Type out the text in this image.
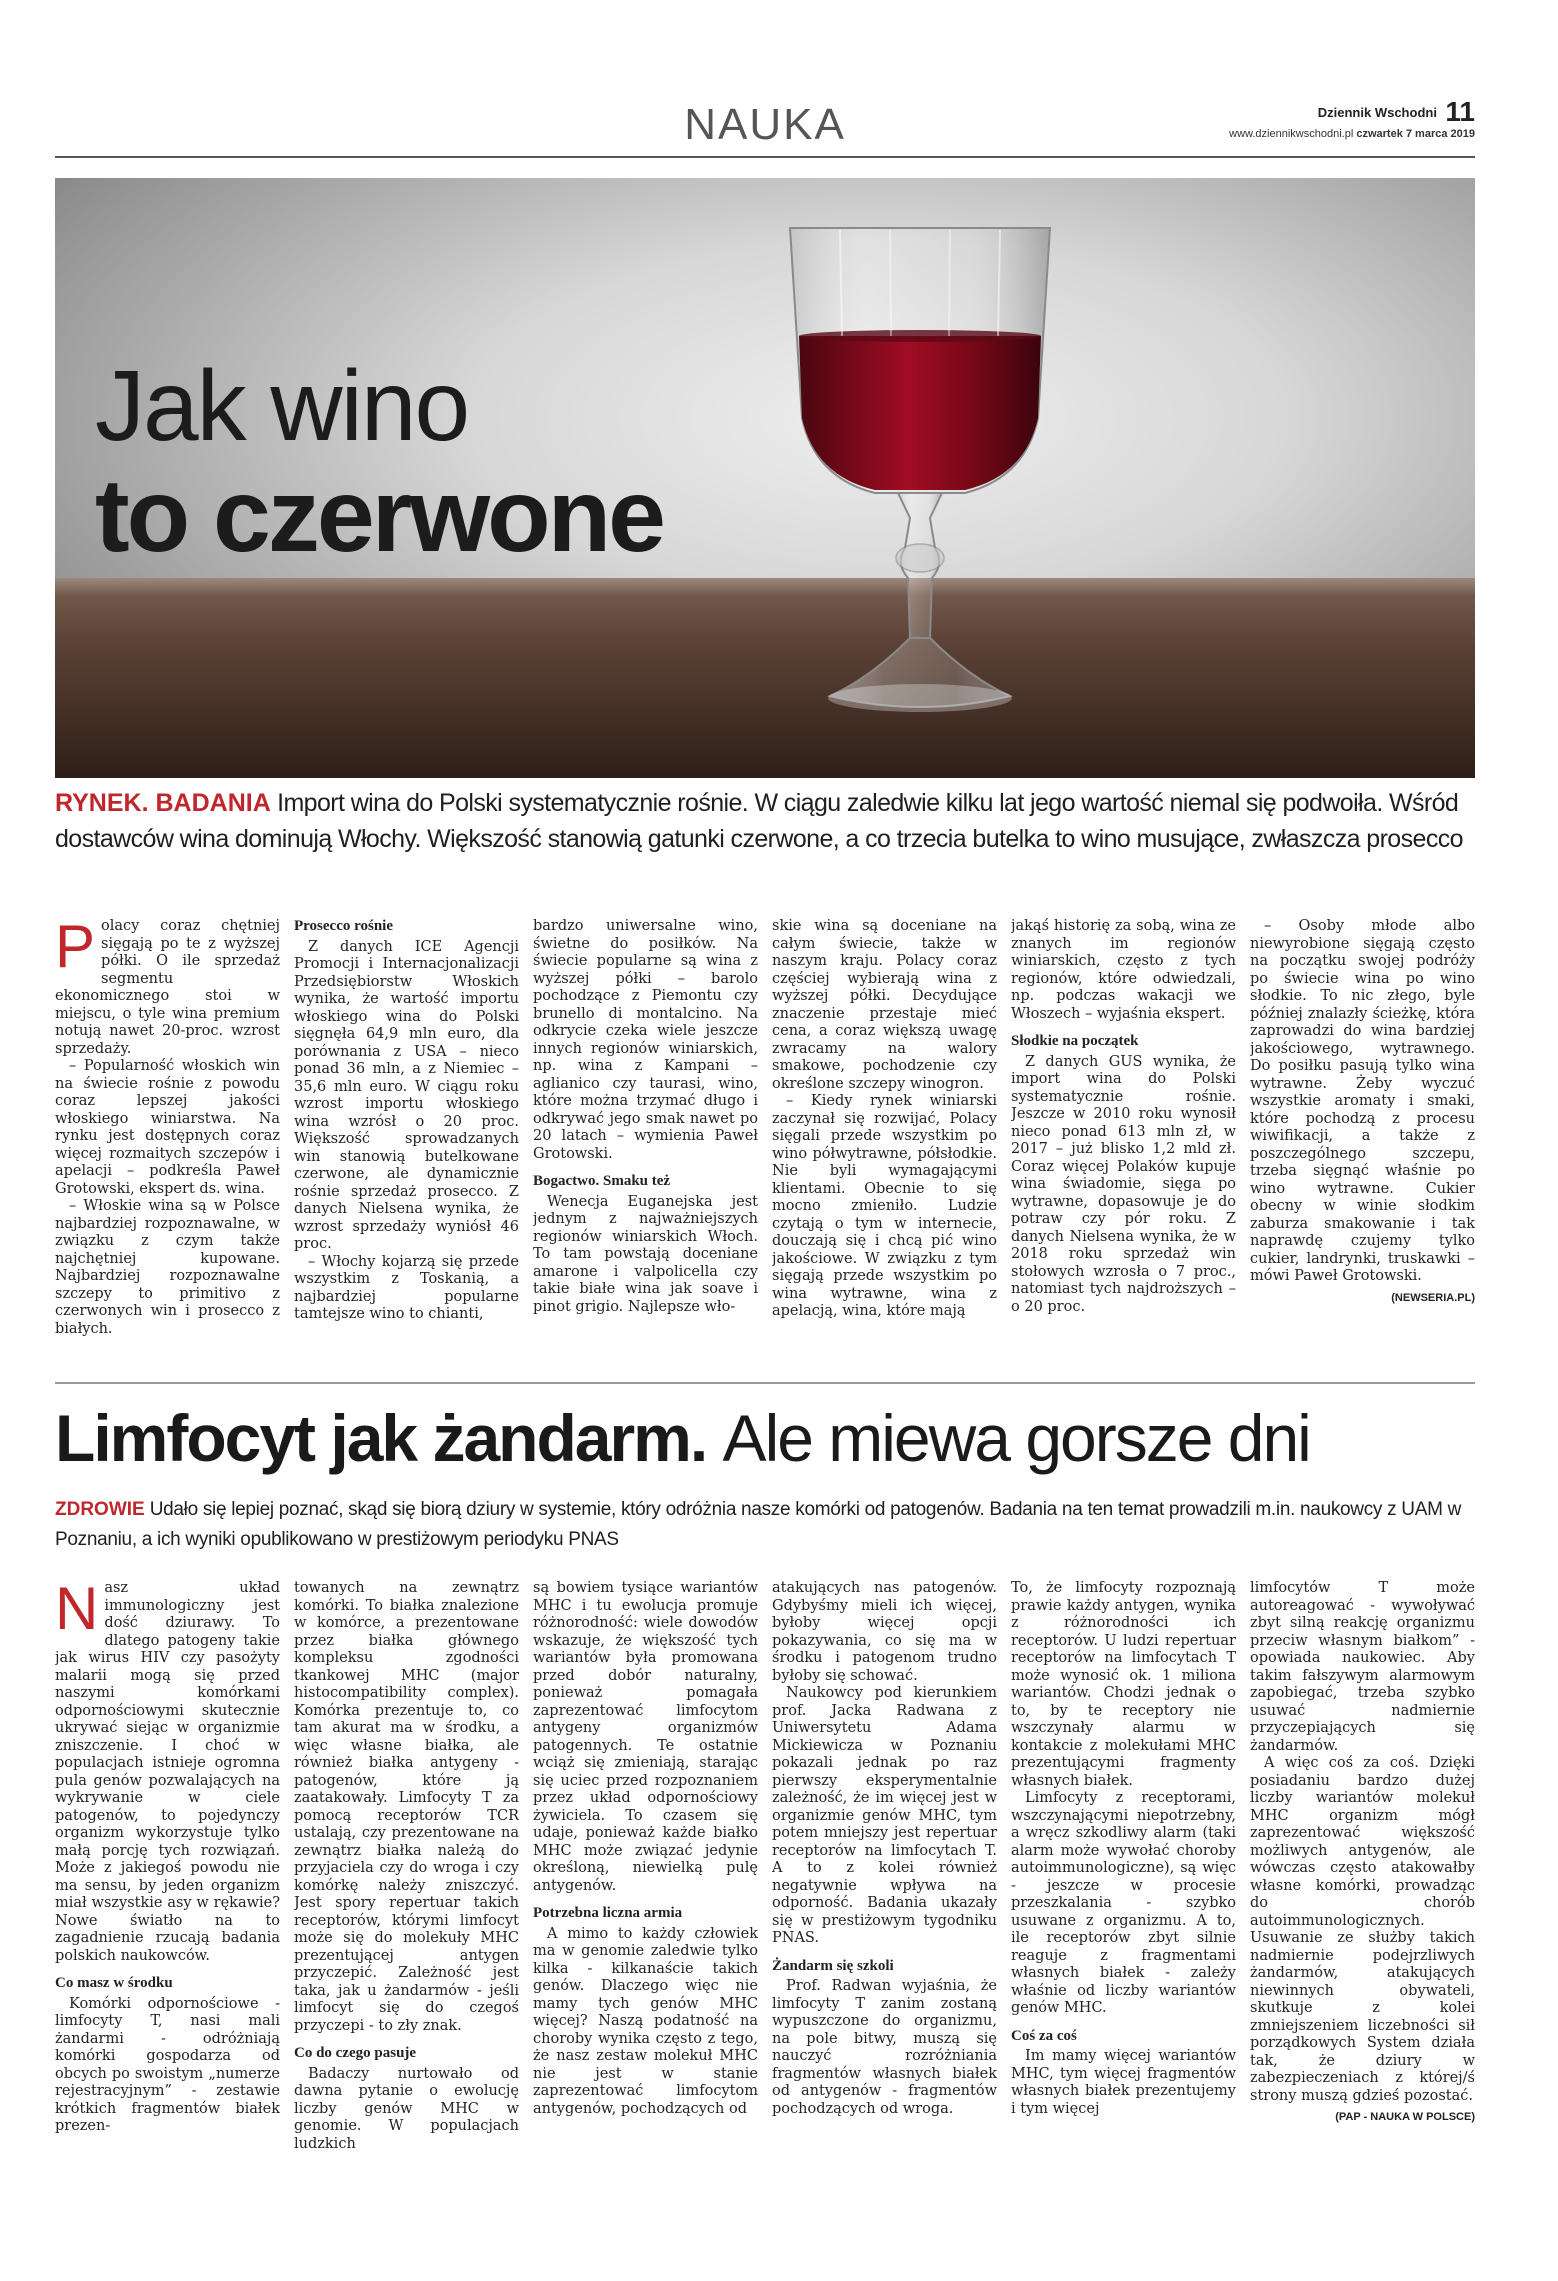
NAUKA	Dziennik Wschodni 11
www.dziennikwschodni.pl czwartek 7 marca 2019
Jak wino
to czerwone
RYNEK. BADANIA Import wina do Polski systematycznie rośnie. W ciągu zaledwie kilku lat jego wartość niemal się podwoiła. Wśród dostawców wina dominują Włochy. Większość stanowią gatunki czerwone, a co trzecia butelka to wino musujące, zwłaszcza prosecco

Polacy coraz chętniej sięgają po te z wyższej półki. O ile sprzedaż segmentu ekonomicznego stoi w miejscu, o tyle wina premium notują nawet 20-proc. wzrost sprzedaży.

– Popularność włoskich win na świecie rośnie z powodu coraz lepszej jakości włoskiego winiarstwa. Na rynku jest dostępnych coraz więcej rozmaitych szczepów i apelacji – podkreśla Paweł Grotowski, ekspert ds. wina.

– Włoskie wina są w Polsce najbardziej rozpoznawalne, w związku z czym także najchętniej kupowane. Najbardziej rozpoznawalne szczepy to primitivo z czerwonych win i prosecco z białych.

Prosecco rośnie

Z danych ICE Agencji Promocji i Internacjonalizacji Przedsiębiorstw Włoskich wynika, że wartość importu włoskiego wina do Polski sięgnęła 64,9 mln euro, dla porównania z USA – nieco ponad 36 mln, a z Niemiec – 35,6 mln euro. W ciągu roku wzrost importu włoskiego wina wzrósł o 20 proc. Większość sprowadzanych win stanowią butelkowane czerwone, ale dynamicznie rośnie sprzedaż prosecco. Z danych Nielsena wynika, że wzrost sprzedaży wyniósł 46 proc.

– Włochy kojarzą się przede wszystkim z Toskanią, a najbardziej popularne tamtejsze wino to chianti,

bardzo uniwersalne wino, świetne do posiłków. Na świecie popularne są wina z wyższej półki – barolo pochodzące z Piemontu czy brunello di montalcino. Na odkrycie czeka wiele jeszcze innych regionów winiarskich, np. wina z Kampani – aglianico czy taurasi, wino, które można trzymać długo i odkrywać jego smak nawet po 20 latach – wymienia Paweł Grotowski.

Bogactwo. Smaku też

Wenecja Euganejska jest jednym z najważniejszych regionów winiarskich Włoch. To tam powstają doceniane amarone i valpolicella czy takie białe wina jak soave i pinot grigio. Najlepsze wło-

skie wina są doceniane na całym świecie, także w naszym kraju. Polacy coraz częściej wybierają wina z wyższej półki. Decydujące znaczenie przestaje mieć cena, a coraz większą uwagę zwracamy na walory smakowe, pochodzenie czy określone szczepy winogron.

– Kiedy rynek winiarski zaczynał się rozwijać, Polacy sięgali przede wszystkim po wino półwytrawne, półsłodkie. Nie byli wymagającymi klientami. Obecnie to się mocno zmieniło. Ludzie czytają o tym w internecie, douczają się i chcą pić wino jakościowe. W związku z tym sięgają przede wszystkim po wina wytrawne, wina z apelacją, wina, które mają

jakąś historię za sobą, wina ze znanych im regionów winiarskich, często z tych regionów, które odwiedzali, np. podczas wakacji we Włoszech – wyjaśnia ekspert.

Słodkie na początek

Z danych GUS wynika, że import wina do Polski systematycznie rośnie. Jeszcze w 2010 roku wynosił nieco ponad 613 mln zł, w 2017 – już blisko 1,2 mld zł. Coraz więcej Polaków kupuje wina świadomie, sięga po wytrawne, dopasowuje je do potraw czy pór roku. Z danych Nielsena wynika, że w 2018 roku sprzedaż win stołowych wzrosła o 7 proc., natomiast tych najdroższych – o 20 proc.

– Osoby młode albo niewyrobione sięgają często na początku swojej podróży po świecie wina po wino słodkie. To nic złego, byle później znalazły ścieżkę, która zaprowadzi do wina bardziej jakościowego, wytrawnego. Do posiłku pasują tylko wina wytrawne. Żeby wyczuć wszystkie aromaty i smaki, które pochodzą z procesu wiwifikacji, a także z poszczególnego szczepu, trzeba sięgnąć właśnie po wino wytrawne. Cukier obecny w winie słodkim zaburza smakowanie i tak naprawdę czujemy tylko cukier, landrynki, truskawki – mówi Paweł Grotowski.

(NEWSERIA.PL)

Limfocyt jak żandarm. Ale miewa gorsze dni
ZDROWIE Udało się lepiej poznać, skąd się biorą dziury w systemie, który odróżnia nasze komórki od patogenów. Badania na ten temat prowadzili m.in. naukowcy z UAM w Poznaniu, a ich wyniki opublikowano w prestiżowym periodyku PNAS

Nasz układ immunologiczny jest dość dziurawy. To dlatego patogeny takie jak wirus HIV czy pasożyty malarii mogą się przed naszymi komórkami odpornościowymi skutecznie ukrywać siejąc w organizmie zniszczenie. I choć w populacjach istnieje ogromna pula genów pozwalających na wykrywanie w ciele patogenów, to pojedynczy organizm wykorzystuje tylko małą porcję tych rozwiązań. Może z jakiegoś powodu nie ma sensu, by jeden organizm miał wszystkie asy w rękawie? Nowe światło na to zagadnienie rzucają badania polskich naukowców.

Co masz w środku

Komórki odpornościowe - limfocyty T, nasi mali żandarmi - odróżniają komórki gospodarza od obcych po swoistym „numerze rejestracyjnym” - zestawie krótkich fragmentów białek prezen-

towanych na zewnątrz komórki. To białka znalezione w komórce, a prezentowane przez białka głównego kompleksu zgodności tkankowej MHC (major histocompatibility complex). Komórka prezentuje to, co tam akurat ma w środku, a więc własne białka, ale również białka antygeny - patogenów, które ją zaatakowały. Limfocyty T za pomocą receptorów TCR ustalają, czy prezentowane na zewnątrz białka należą do przyjaciela czy do wroga i czy komórkę należy zniszczyć. Jest spory repertuar takich receptorów, którymi limfocyt może się do molekuły MHC prezentującej antygen przyczepić. Zależność jest taka, jak u żandarmów - jeśli limfocyt się do czegoś przyczepi - to zły znak.

Co do czego pasuje

Badaczy nurtowało od dawna pytanie o ewolucję liczby genów MHC w genomie. W populacjach ludzkich

są bowiem tysiące wariantów MHC i tu ewolucja promuje różnorodność: wiele dowodów wskazuje, że większość tych wariantów była promowana przed dobór naturalny, ponieważ pomagała zaprezentować limfocytom antygeny organizmów patogennych. Te ostatnie wciąż się zmieniają, starając się uciec przed rozpoznaniem przez układ odpornościowy żywiciela. To czasem się udaje, ponieważ każde białko MHC może związać jedynie określoną, niewielką pulę antygenów.

Potrzebna liczna armia

A mimo to każdy człowiek ma w genomie zaledwie tylko kilka - kilkanaście takich genów. Dlaczego więc nie mamy tych genów MHC więcej? Naszą podatność na choroby wynika często z tego, że nasz zestaw molekuł MHC nie jest w stanie zaprezentować limfocytom antygenów, pochodzących od

atakujących nas patogenów. Gdybyśmy mieli ich więcej, byłoby więcej opcji pokazywania, co się ma w środku i patogenom trudno byłoby się schować.

Naukowcy pod kierunkiem prof. Jacka Radwana z Uniwersytetu Adama Mickiewicza w Poznaniu pokazali jednak po raz pierwszy eksperymentalnie zależność, że im więcej jest w organizmie genów MHC, tym potem mniejszy jest repertuar receptorów na limfocytach T. A to z kolei również negatywnie wpływa na odporność. Badania ukazały się w prestiżowym tygodniku PNAS.

Żandarm się szkoli

Prof. Radwan wyjaśnia, że limfocyty T zanim zostaną wypuszczone do organizmu, na pole bitwy, muszą się nauczyć rozróżniania fragmentów własnych białek od antygenów - fragmentów pochodzących od wroga.

To, że limfocyty rozpoznają prawie każdy antygen, wynika z różnorodności ich receptorów. U ludzi repertuar receptorów na limfocytach T może wynosić ok. 1 miliona wariantów. Chodzi jednak o to, by te receptory nie wszczynały alarmu w kontakcie z molekułami MHC prezentującymi fragmenty własnych białek.

Limfocyty z receptorami, wszczynającymi niepotrzebny, a wręcz szkodliwy alarm (taki alarm może wywołać choroby autoimmunologiczne), są więc - jeszcze w procesie przeszkalania - szybko usuwane z organizmu. A to, ile receptorów zbyt silnie reaguje z fragmentami własnych białek - zależy właśnie od liczby wariantów genów MHC.

Coś za coś

Im mamy więcej wariantów MHC, tym więcej fragmentów własnych białek prezentujemy i tym więcej

limfocytów T może autoreagować - wywoływać zbyt silną reakcję organizmu przeciw własnym białkom” - opowiada naukowiec. Aby takim fałszywym alarmowym zapobiegać, trzeba szybko usuwać nadmiernie przyczepiających się żandarmów.

A więc coś za coś. Dzięki posiadaniu bardzo dużej liczby wariantów molekuł MHC organizm mógł zaprezentować większość możliwych antygenów, ale wówczas często atakowałby własne komórki, prowadząc do chorób autoimmunologicznych. Usuwanie ze służby takich nadmiernie podejrzliwych żandarmów, atakujących niewinnych obywateli, skutkuje z kolei zmniejszeniem liczebności sił porządkowych System działa tak, że dziury w zabezpieczeniach z której/ś strony muszą gdzieś pozostać.

(PAP - NAUKA W POLSCE)
